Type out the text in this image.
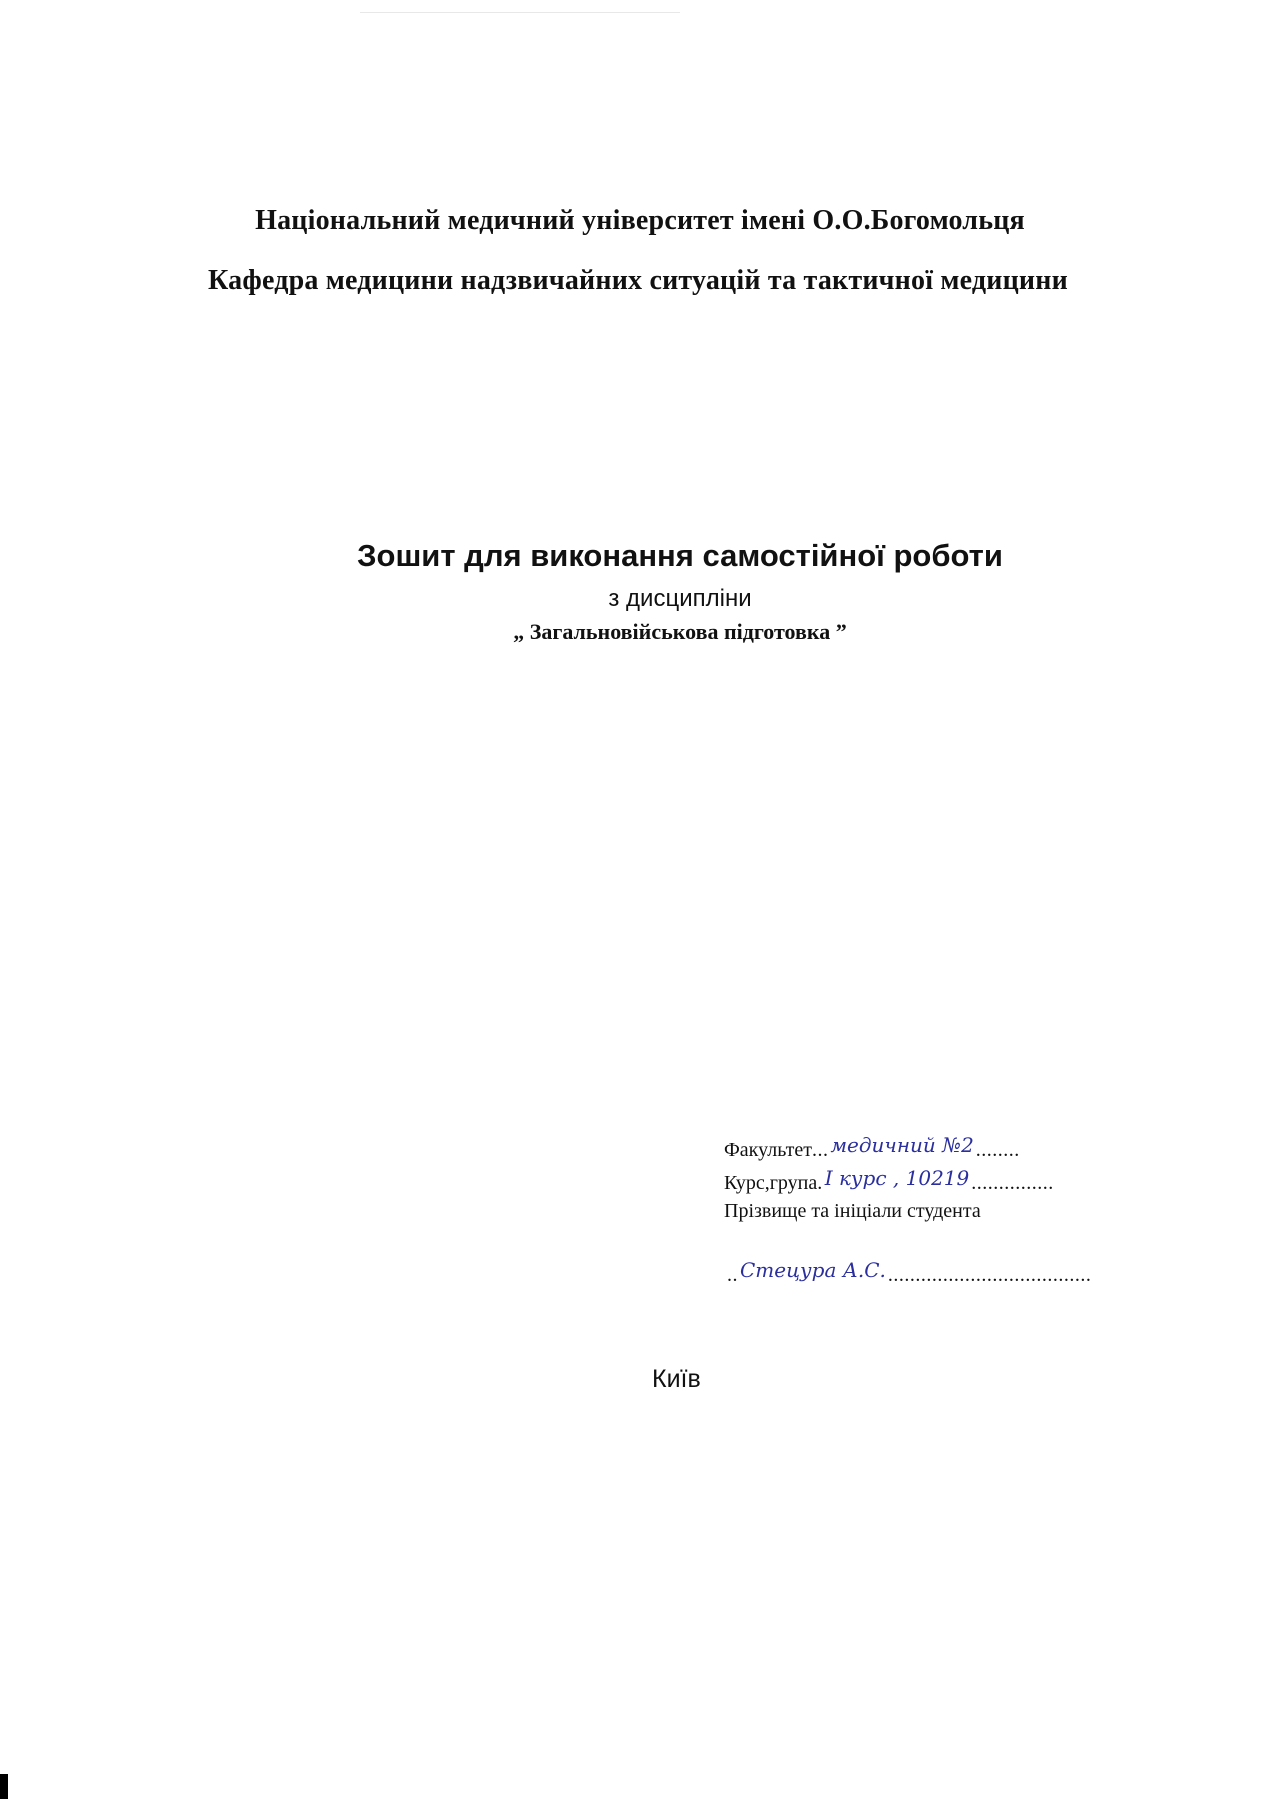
Національний медичний університет імені О.О.Богомольця
Кафедра медицини надзвичайних ситуацій та тактичної медицини
Зошит для виконання самостійної роботи
з дисципліни
„ Загальновійськова підготовка ”
Факультет ... медичний №2 ........
Курс,група . I курс , 10219 ...............
Прізвище та ініціали студента
.. Стецура А.С. .....................................
Київ
